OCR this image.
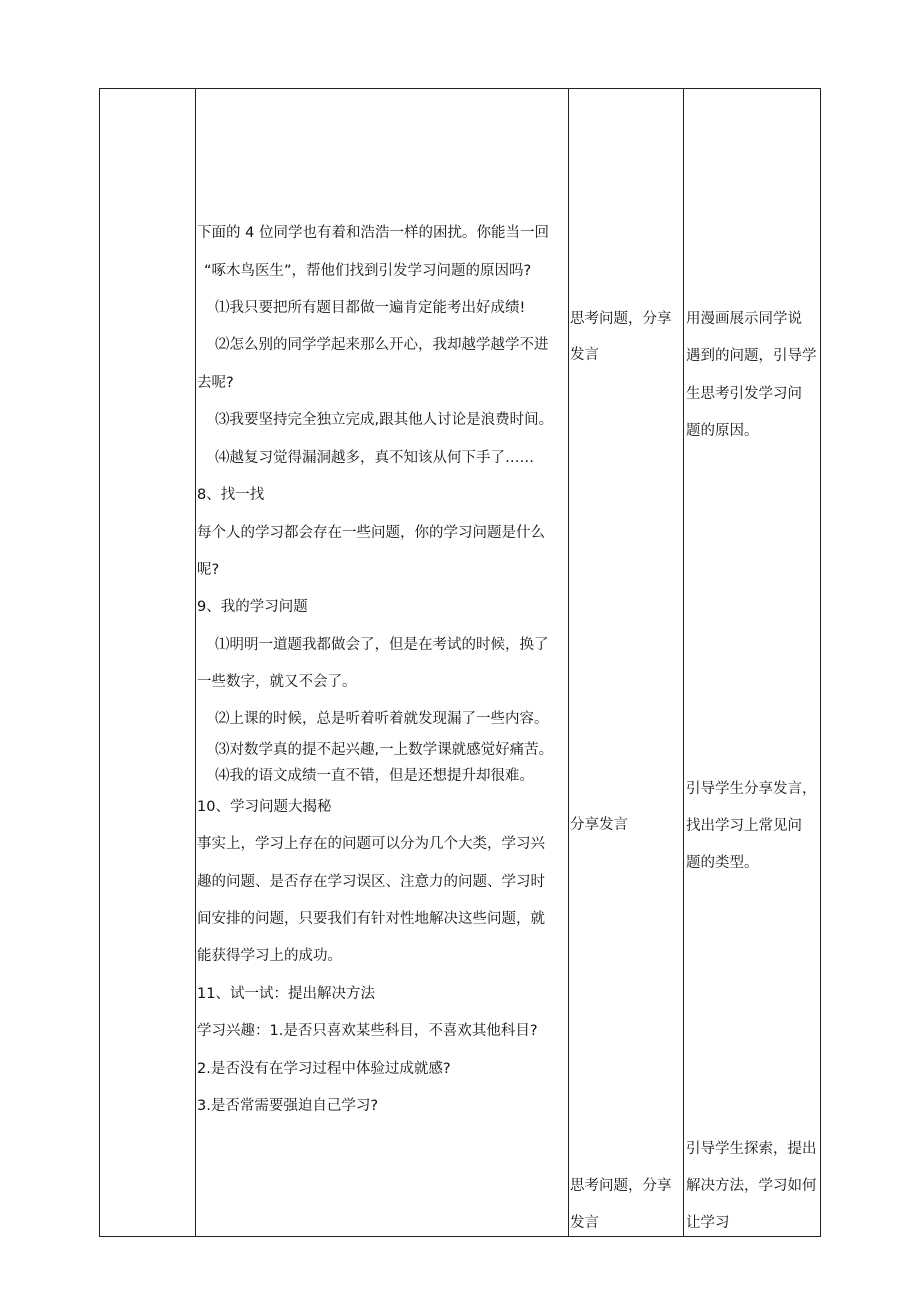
下面的 4 位同学也有着和浩浩一样的困扰。你能当一回
“啄木鸟医生”，帮他们找到引发学习问题的原因吗?
⑴我只要把所有题目都做一遍肯定能考出好成绩!
⑵怎么别的同学学起来那么开心，我却越学越学不进
去呢?
⑶我要坚持完全独立完成,跟其他人讨论是浪费时间。
⑷越复习觉得漏洞越多，真不知该从何下手了……
8、找一找
每个人的学习都会存在一些问题，你的学习问题是什么
呢?
9、我的学习问题
⑴明明一道题我都做会了，但是在考试的时候，换了
一些数字，就又不会了。
⑵上课的时候，总是听着听着就发现漏了一些内容。
⑶对数学真的提不起兴趣,一上数学课就感觉好痛苦。
⑷我的语文成绩一直不错，但是还想提升却很难。
10、学习问题大揭秘
事实上，学习上存在的问题可以分为几个大类，学习兴
趣的问题、是否存在学习误区、注意力的问题、学习时
间安排的问题，只要我们有针对性地解决这些问题，就
能获得学习上的成功。
11、试一试：提出解决方法
学习兴趣：1.是否只喜欢某些科目，不喜欢其他科目?
2.是否没有在学习过程中体验过成就感?
3.是否常需要强迫自己学习?
思考问题，分享
发言
分享发言
思考问题，分享
发言
用漫画展示同学说
遇到的问题，引导学
生思考引发学习问
题的原因。
引导学生分享发言，
找出学习上常见问
题的类型。
引导学生探索，提出
解决方法，学习如何
让学习
